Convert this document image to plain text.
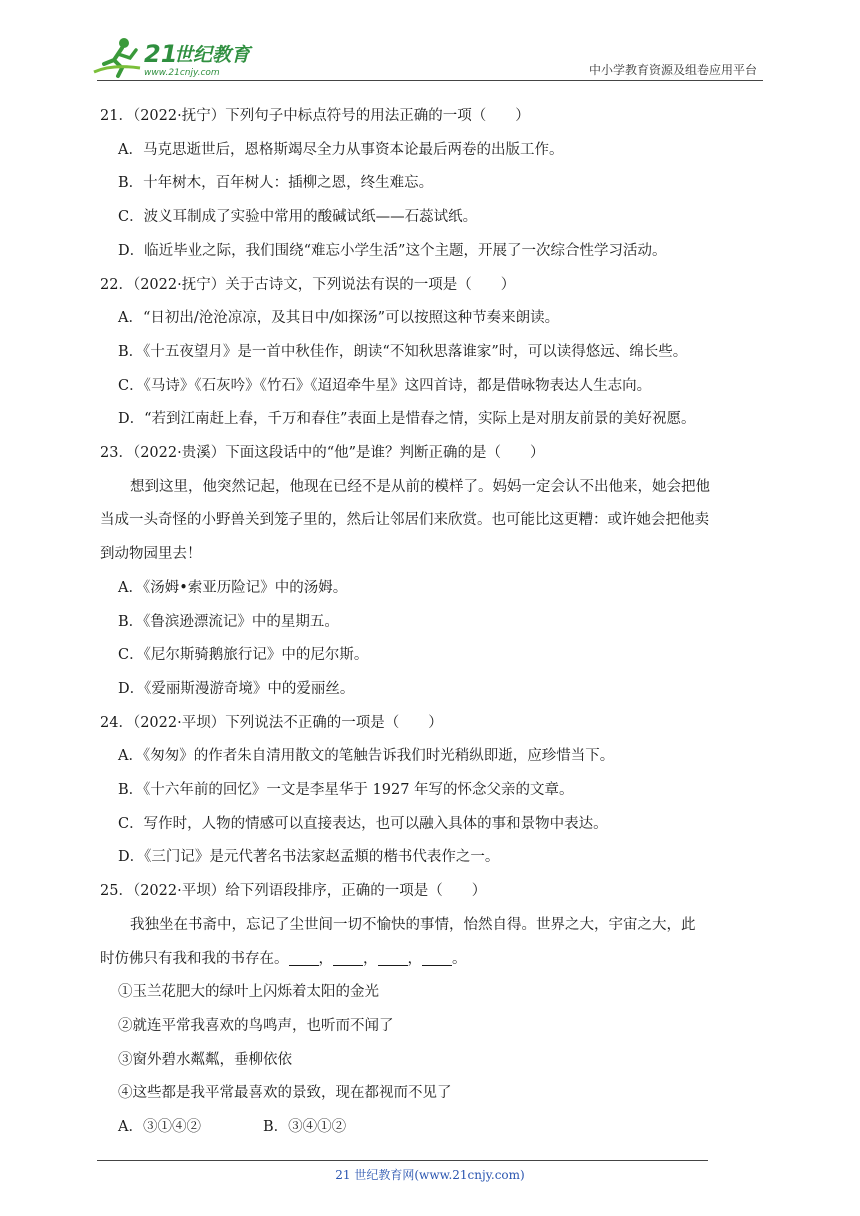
21
世纪教育
www.21cnjy.com	中小学教育资源及组卷应用平台
21．（2022·抚宁）下列句子中标点符号的用法正确的一项（　　）
A．马克思逝世后，恩格斯竭尽全力从事资本论最后两卷的出版工作。
B．十年树木，百年树人：插柳之恩，终生难忘。
C．波义耳制成了实验中常用的酸碱试纸——石蕊试纸。
D．临近毕业之际，我们围绕“难忘小学生活”这个主题，开展了一次综合性学习活动。
22．（2022·抚宁）关于古诗文，下列说法有误的一项是（　　）
A．“日初出/沧沧凉凉，及其日中/如探汤”可以按照这种节奏来朗读。
B．《十五夜望月》是一首中秋佳作，朗读“不知秋思落谁家”时，可以读得悠远、绵长些。
C．《马诗》《石灰吟》《竹石》《迢迢牵牛星》这四首诗，都是借咏物表达人生志向。
D．“若到江南赶上春，千万和春住”表面上是惜春之情，实际上是对朋友前景的美好祝愿。
23．（2022·贵溪）下面这段话中的“他”是谁？判断正确的是（　　）
想到这里，他突然记起，他现在已经不是从前的模样了。妈妈一定会认不出他来，她会把他
当成一头奇怪的小野兽关到笼子里的，然后让邻居们来欣赏。也可能比这更糟：或许她会把他卖
到动物园里去！
A．《汤姆•索亚历险记》中的汤姆。
B．《鲁滨逊漂流记》中的星期五。
C．《尼尔斯骑鹅旅行记》中的尼尔斯。
D．《爱丽斯漫游奇境》中的爱丽丝。
24．（2022·平坝）下列说法不正确的一项是（　　）
A．《匆匆》的作者朱自清用散文的笔触告诉我们时光稍纵即逝，应珍惜当下。
B．《十六年前的回忆》一文是李星华于 1927 年写的怀念父亲的文章。
C．写作时，人物的情感可以直接表达，也可以融入具体的事和景物中表达。
D．《三门记》是元代著名书法家赵孟頫的楷书代表作之一。
25．（2022·平坝）给下列语段排序，正确的一项是（　　）
我独坐在书斋中，忘记了尘世间一切不愉快的事情，怡然自得。世界之大，宇宙之大，此
时仿佛只有我和我的书存在。 ， ， ， 。
①玉兰花肥大的绿叶上闪烁着太阳的金光
②就连平常我喜欢的鸟鸣声，也听而不闻了
③窗外碧水粼粼，垂柳依依
④这些都是我平常最喜欢的景致，现在都视而不见了
A．③①④②	B．③④①②
21 世纪教育网(www.21cnjy.com)
